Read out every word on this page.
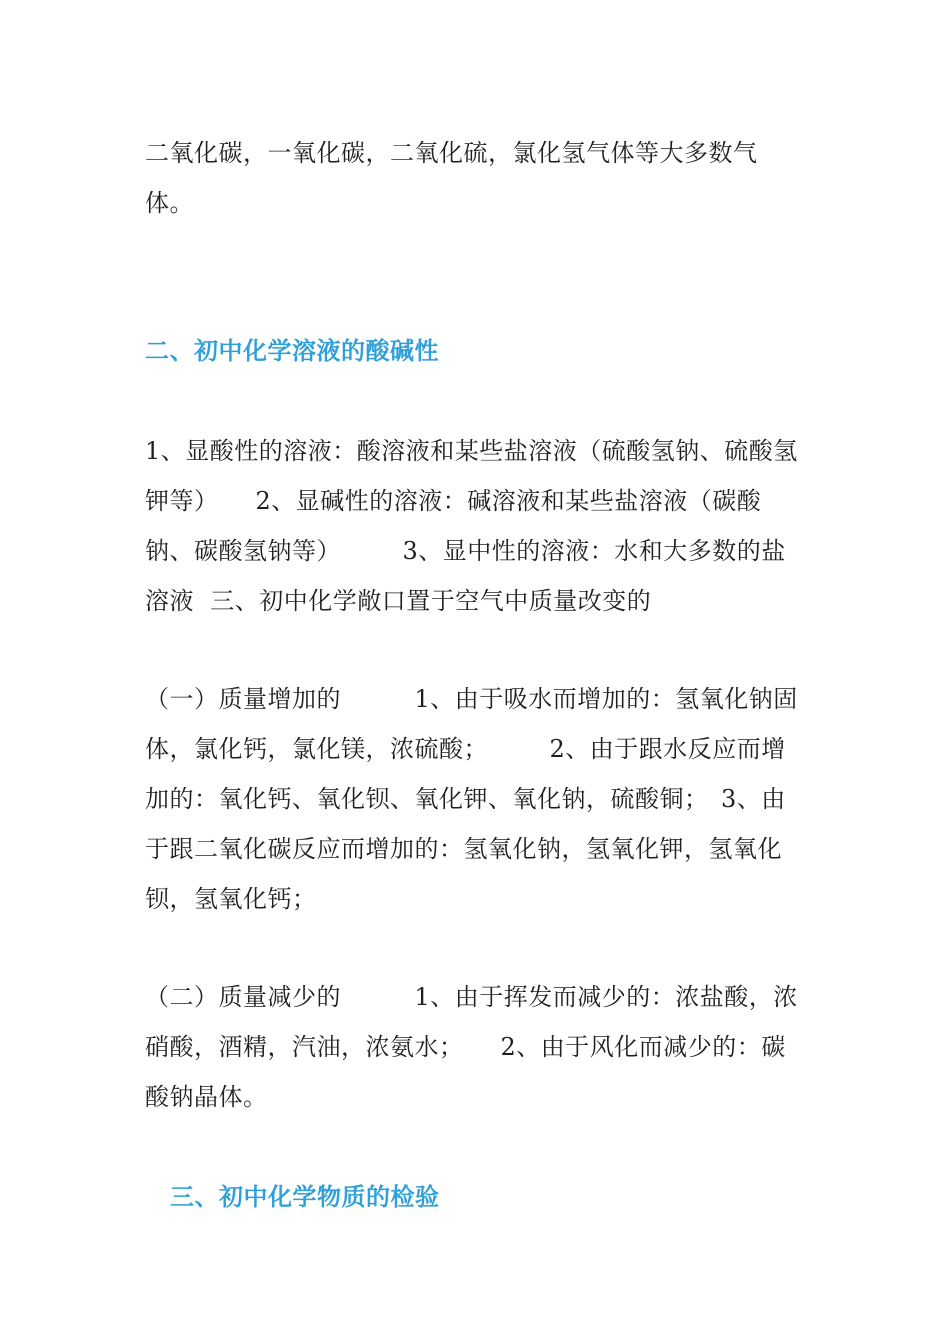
二氧化碳，一氧化碳，二氧化硫，氯化氢气体等大多数气体。
二、初中化学溶液的酸碱性
1、显酸性的溶液：酸溶液和某些盐溶液（硫酸氢钠、硫酸氢钾等）　　2、显碱性的溶液：碱溶液和某些盐溶液（碳酸钠、碳酸氢钠等）　　　3、显中性的溶液：水和大多数的盐溶液  三、初中化学敞口置于空气中质量改变的
（一）质量增加的　　　1、由于吸水而增加的：氢氧化钠固体，氯化钙，氯化镁，浓硫酸；　　　2、由于跟水反应而增加的：氧化钙、氧化钡、氧化钾、氧化钠，硫酸铜；　3、由于跟二氧化碳反应而增加的：氢氧化钠，氢氧化钾，氢氧化钡，氢氧化钙；
（二）质量减少的　　　1、由于挥发而减少的：浓盐酸，浓硝酸，酒精，汽油，浓氨水；　　2、由于风化而减少的：碳酸钠晶体。
三、初中化学物质的检验
